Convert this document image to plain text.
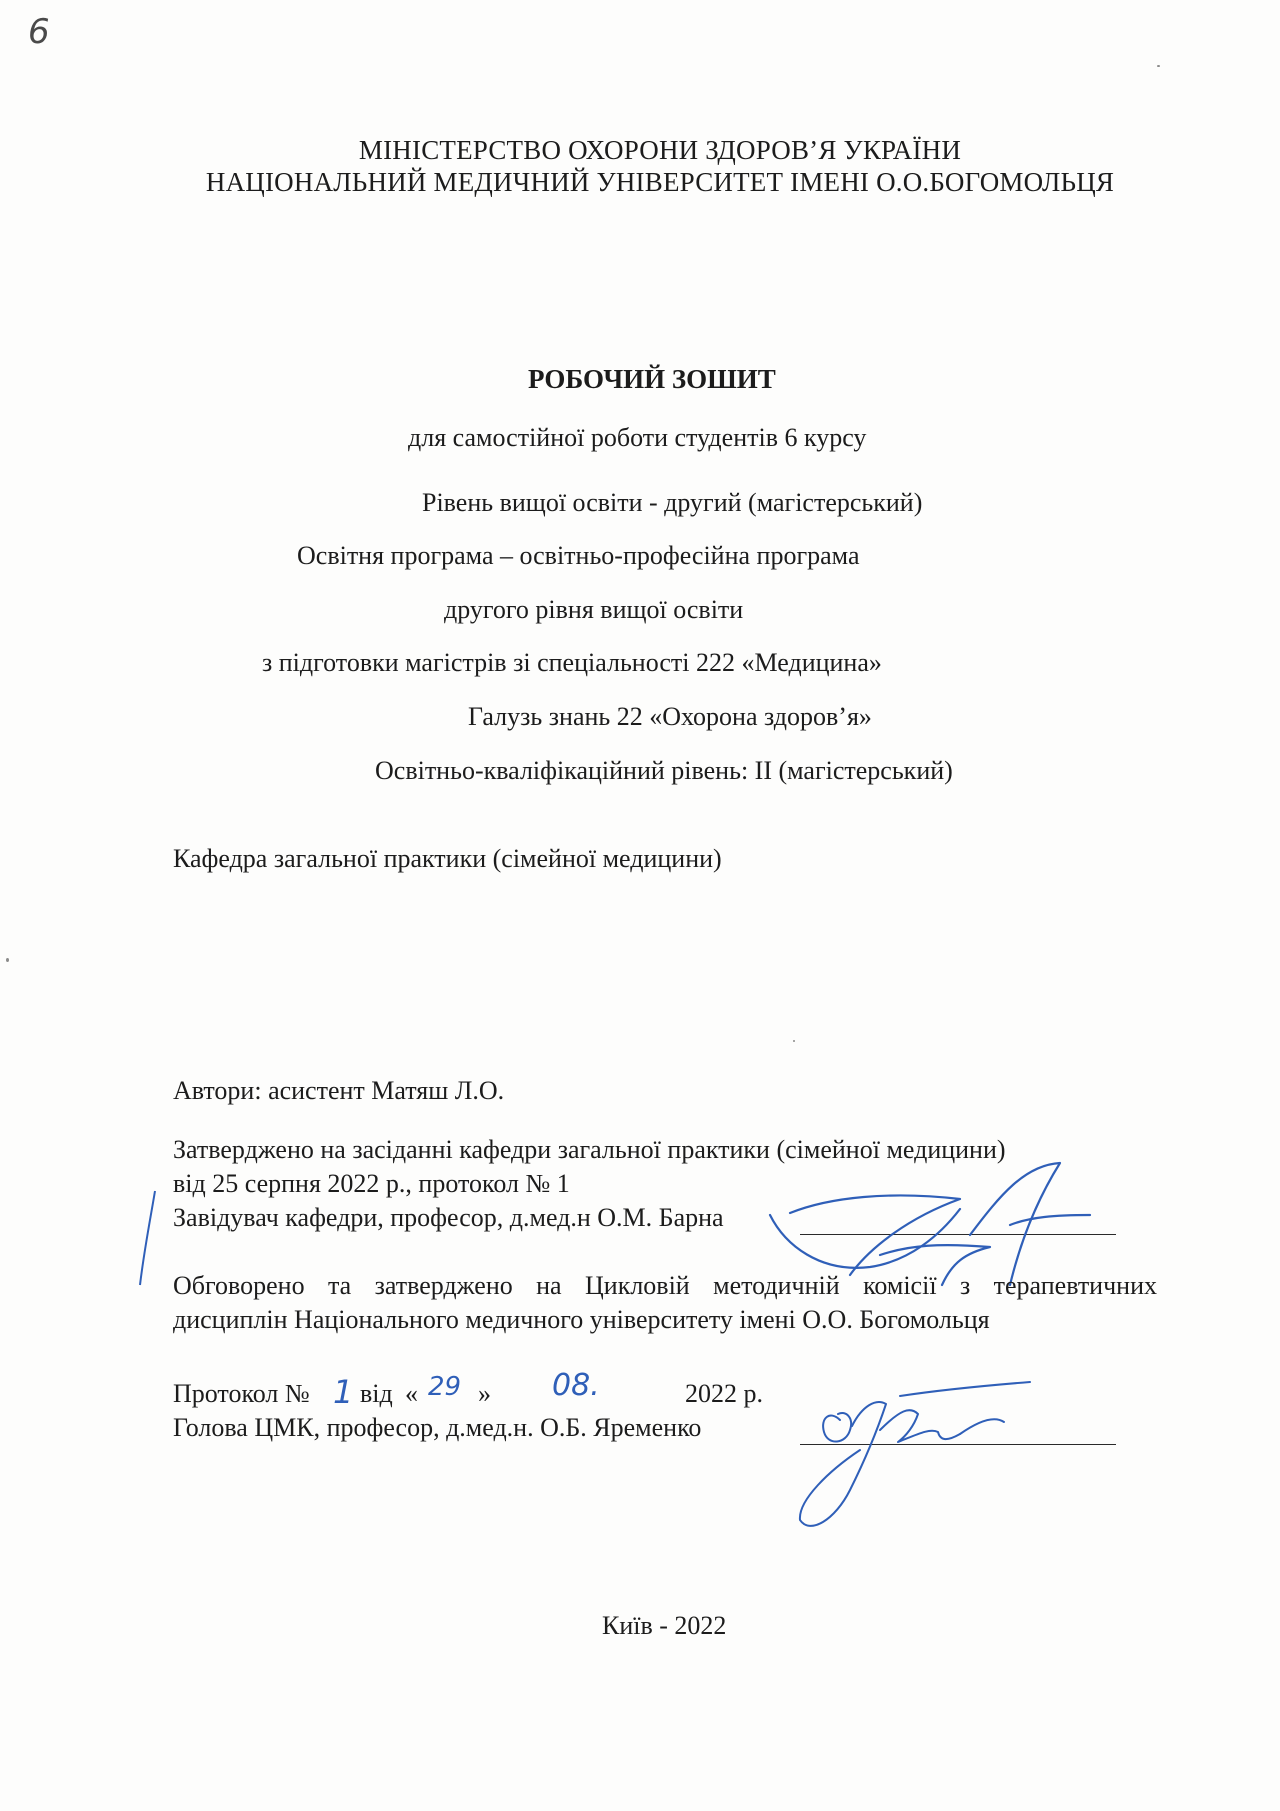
6
МІНІСТЕРСТВО ОХОРОНИ ЗДОРОВ’Я УКРАЇНИ
НАЦІОНАЛЬНИЙ МЕДИЧНИЙ УНІВЕРСИТЕТ ІМЕНІ О.О.БОГОМОЛЬЦЯ
РОБОЧИЙ ЗОШИТ
для самостійної роботи студентів 6 курсу
Рівень вищої освіти - другий (магістерський)
Освітня програма – освітньо-професійна програма
другого рівня вищої освіти
з підготовки магістрів зі спеціальності 222 «Медицина»
Галузь знань 22 «Охорона здоров’я»
Освітньо-кваліфікаційний рівень: ІІ (магістерський)
Кафедра загальної практики (сімейної медицини)
Автори: асистент Матяш Л.О.
Затверджено на засіданні кафедри загальної практики (сімейної медицини)
від 25 серпня 2022 р., протокол № 1
Завідувач кафедри, професор, д.мед.н О.М. Барна
Обговорено та затверджено на Цикловій методичній комісії з терапевтичних
дисциплін Національного медичного університету імені О.О. Богомольця
Протокол № 1 від « 29 » 08.	2022 р.
Голова ЦМК, професор, д.мед.н. О.Б. Яременко
Київ - 2022
